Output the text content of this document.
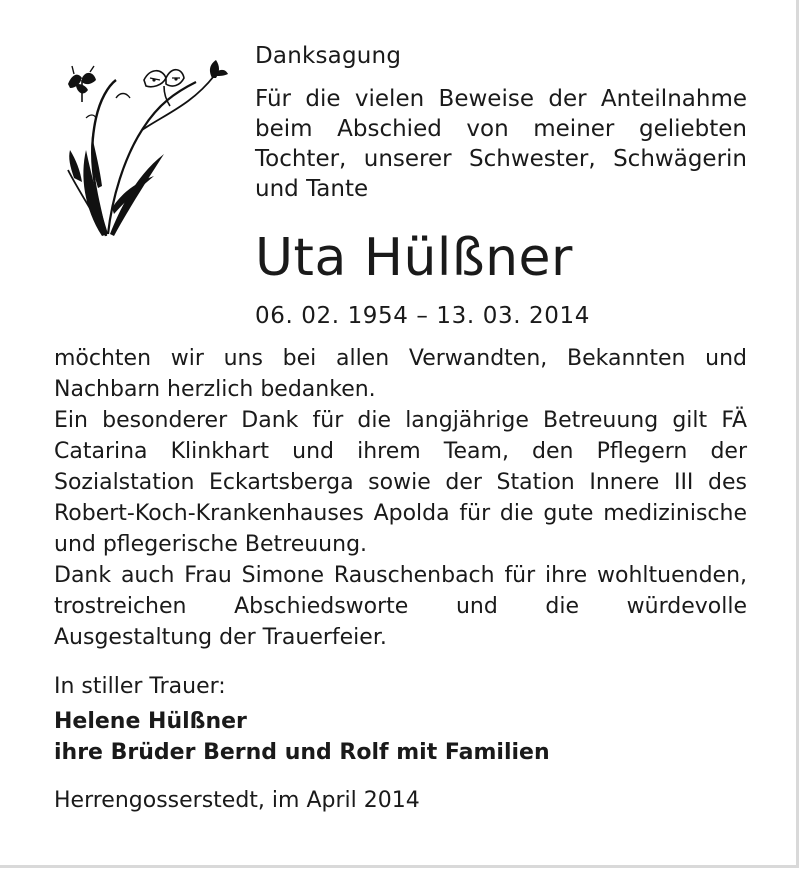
Danksagung
Für die vielen Beweise der Anteilnahme beim Abschied von meiner geliebten Tochter, unserer Schwester, Schwägerin und Tante
Uta Hülßner
06. 02. 1954 – 13. 03. 2014
möchten wir uns bei allen Verwandten, Bekannten und Nachbarn herzlich bedanken.
Ein besonderer Dank für die langjährige Betreuung gilt FÄ Catarina Klinkhart und ihrem Team, den Pflegern der Sozialstation Eckartsberga sowie der Station Innere III des Robert-Koch-Krankenhauses Apolda für die gute medizinische und pflegerische Betreuung.
Dank auch Frau Simone Rauschenbach für ihre wohltuenden, trostreichen Abschiedsworte und die würdevolle Ausgestaltung der Trauerfeier.
In stiller Trauer:
Helene Hülßner
ihre Brüder Bernd und Rolf mit Familien
Herrengosserstedt, im April 2014
